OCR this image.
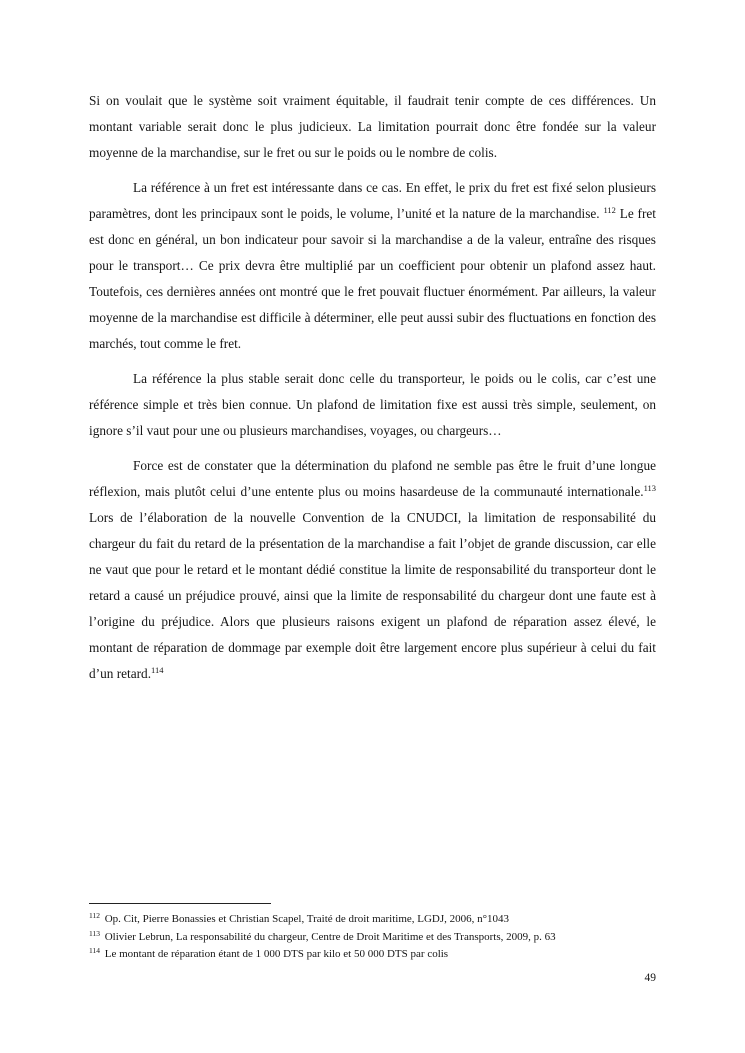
Si on voulait que le système soit vraiment équitable, il faudrait tenir compte de ces différences. Un montant variable serait donc le plus judicieux. La limitation pourrait donc être fondée sur la valeur moyenne de la marchandise, sur le fret ou sur le poids ou le nombre de colis.

La référence à un fret est intéressante dans ce cas. En effet, le prix du fret est fixé selon plusieurs paramètres, dont les principaux sont le poids, le volume, l’unité et la nature de la marchandise. $^{112}$ Le fret est donc en général, un bon indicateur pour savoir si la marchandise a de la valeur, entraîne des risques pour le transport… Ce prix devra être multiplié par un coefficient pour obtenir un plafond assez haut. Toutefois, ces dernières années ont montré que le fret pouvait fluctuer énormément. Par ailleurs, la valeur moyenne de la marchandise est difficile à déterminer, elle peut aussi subir des fluctuations en fonction des marchés, tout comme le fret.

La référence la plus stable serait donc celle du transporteur, le poids ou le colis, car c’est une référence simple et très bien connue. Un plafond de limitation fixe est aussi très simple, seulement, on ignore s’il vaut pour une ou plusieurs marchandises, voyages, ou chargeurs…

Force est de constater que la détermination du plafond ne semble pas être le fruit d’une longue réflexion, mais plutôt celui d’une entente plus ou moins hasardeuse de la communauté internationale.$^{113}$ Lors de l’élaboration de la nouvelle Convention de la CNUDCI, la limitation de responsabilité du chargeur du fait du retard de la présentation de la marchandise a fait l’objet de grande discussion, car elle ne vaut que pour le retard et le montant dédié constitue la limite de responsabilité du transporteur dont le retard a causé un préjudice prouvé, ainsi que la limite de responsabilité du chargeur dont une faute est à l’origine du préjudice. Alors que plusieurs raisons exigent un plafond de réparation assez élevé, le montant de réparation de dommage par exemple doit être largement encore plus supérieur à celui du fait d’un retard.$^{114}$

$^{112}$ Op. Cit, Pierre Bonassies et Christian Scapel, Traité de droit maritime, LGDJ, 2006, n°1043
$^{113}$ Olivier Lebrun, La responsabilité du chargeur, Centre de Droit Maritime et des Transports, 2009, p. 63
$^{114}$ Le montant de réparation étant de 1 000 DTS par kilo et 50 000 DTS par colis
49
